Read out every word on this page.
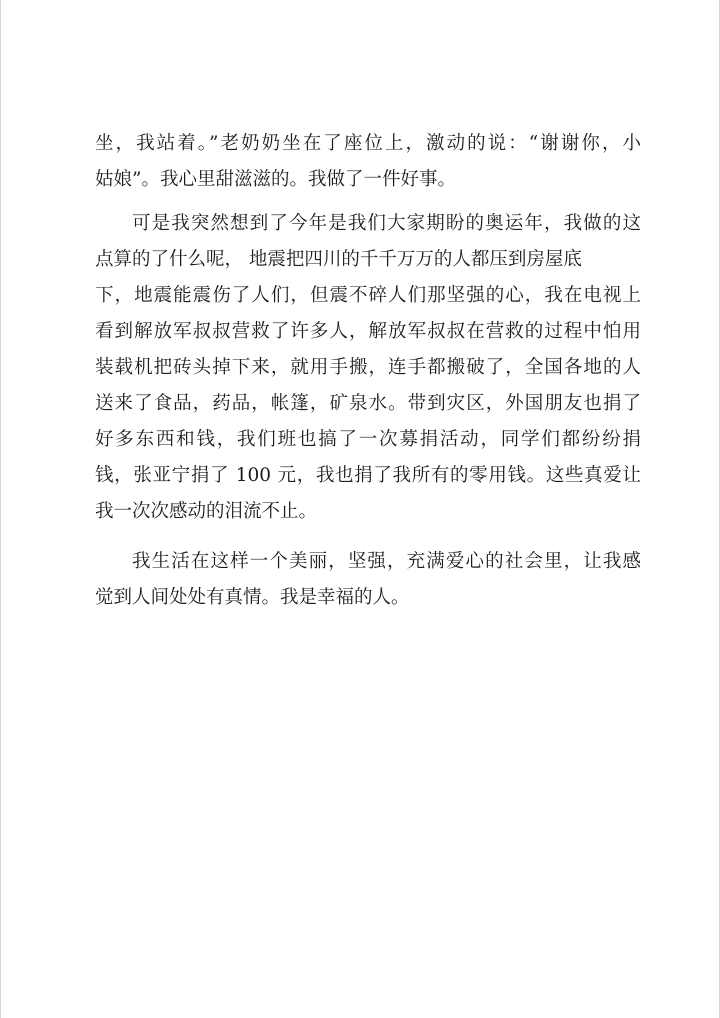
坐，我站着。”老奶奶坐在了座位上，激动的说：“谢谢你，小
姑娘”。我心里甜滋滋的。我做了一件好事。
可是我突然想到了今年是我们大家期盼的奥运年，我做的这
点算的了什么呢， 地震把四川的千千万万的人都压到房屋底
下，地震能震伤了人们，但震不碎人们那坚强的心，我在电视上
看到解放军叔叔营救了许多人，解放军叔叔在营救的过程中怕用
装载机把砖头掉下来，就用手搬，连手都搬破了，全国各地的人
送来了食品，药品，帐篷，矿泉水。带到灾区，外国朋友也捐了
好多东西和钱，我们班也搞了一次募捐活动，同学们都纷纷捐
钱，张亚宁捐了 100 元，我也捐了我所有的零用钱。这些真爱让
我一次次感动的泪流不止。
我生活在这样一个美丽，坚强，充满爱心的社会里，让我感
觉到人间处处有真情。我是幸福的人。
